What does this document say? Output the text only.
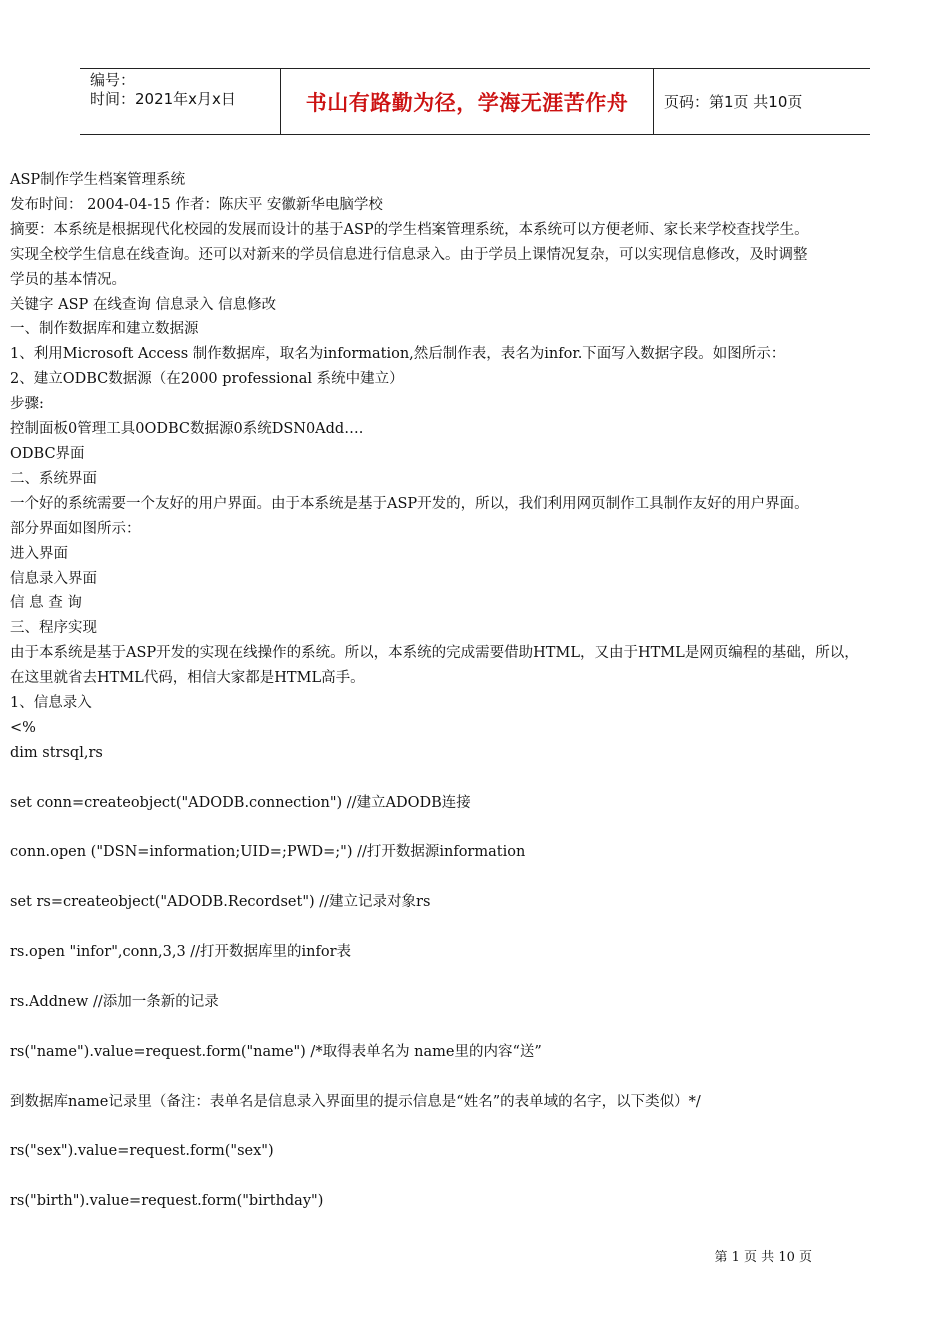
编号：
时间：2021年x月x日	书山有路勤为径，学海无涯苦作舟	页码：第1页 共10页

ASP制作学生档案管理系统

发布时间： 2004-04-15 作者：陈庆平 安徽新华电脑学校

摘要：本系统是根据现代化校园的发展而设计的基于ASP的学生档案管理系统，本系统可以方便老师、家长来学校查找学生。

实现全校学生信息在线查询。还可以对新来的学员信息进行信息录入。由于学员上课情况复杂，可以实现信息修改，及时调整

学员的基本情况。

关键字 ASP 在线查询 信息录入 信息修改

一、制作数据库和建立数据源

1、利用Microsoft Access 制作数据库，取名为information,然后制作表，表名为infor.下面写入数据字段。如图所示：

2、建立ODBC数据源（在2000 professional 系统中建立）

步骤:

控制面板0管理工具0ODBC数据源0系统DSN0Add….

ODBC界面

二、系统界面

一个好的系统需要一个友好的用户界面。由于本系统是基于ASP开发的，所以，我们利用网页制作工具制作友好的用户界面。

部分界面如图所示：

进入界面

信息录入界面

信 息 查 询

三、程序实现

由于本系统是基于ASP开发的实现在线操作的系统。所以，本系统的完成需要借助HTML，又由于HTML是网页编程的基础，所以，

在这里就省去HTML代码，相信大家都是HTML高手。

1、信息录入

<%

dim strsql,rs

set conn=createobject("ADODB.connection") //建立ADODB连接

conn.open ("DSN=information;UID=;PWD=;") //打开数据源information

set rs=createobject("ADODB.Recordset") //建立记录对象rs

rs.open "infor",conn,3,3 //打开数据库里的infor表

rs.Addnew //添加一条新的记录

rs("name").value=request.form("name") /*取得表单名为 name里的内容“送”

到数据库name记录里（备注：表单名是信息录入界面里的提示信息是“姓名”的表单域的名字，以下类似）*/

rs("sex").value=request.form("sex")

rs("birth").value=request.form("birthday")

第 1 页 共 10 页
